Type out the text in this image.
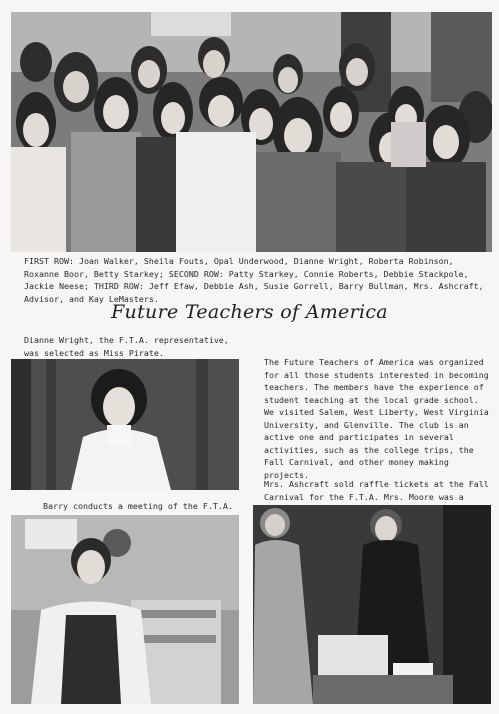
FIRST ROW: Joan Walker, Sheila Fouts, Opal Underwood, Dianne Wright, Roberta Robinson, Roxanne Boor, Betty Starkey; SECOND ROW: Patty Starkey, Connie Roberts, Debbie Stackpole, Jackie Neese; THIRD ROW: Jeff Efaw, Debbie Ash, Susie Gorrell, Barry Bullman, Mrs. Ashcraft, Advisor, and Kay LeMasters.
Future Teachers of America
Dianne Wright, the F.T.A. representative, was selected as Miss Pirate.
The Future Teachers of America was organized for all those students interested in becoming teachers. The members have the experience of student teaching at the local grade school. We visited Salem, West Liberty, West Virginia University, and Glenville. The club is an active one and participates in several activities, such as the college trips, the Fall Carnival, and other money making projects.
Barry conducts a meeting of the F.T.A.
Mrs. Ashcraft sold raffle tickets at the Fall Carnival for the F.T.A. Mrs. Moore was a
